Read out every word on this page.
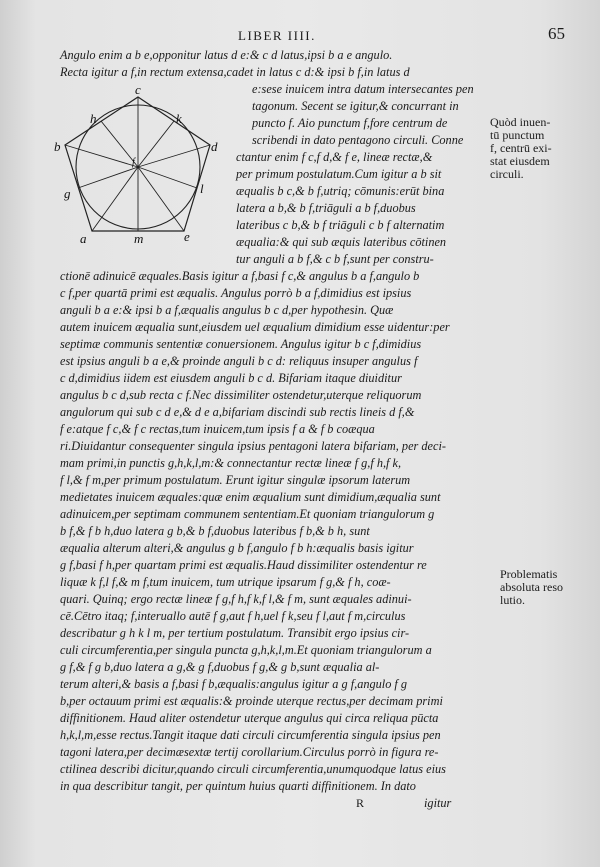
LIBER IIII.	65
c
h	k
b	d
f
g	l
a	m	e
Angulo enim a b e,opponitur latus d e:& c d latus,ipsi b a e angulo.
Recta igitur a f,in rectum extensa,cadet in latus c d:& ipsi b f,in latus d
e:sese inuicem intra datum intersecantes pen
tagonum. Secent se igitur,& concurrant in
puncto f. Aio punctum f,fore centrum de
scribendi in dato pentagono circuli. Conne
ctantur enim f c,f d,& f e, lineæ rectæ,&
per primum postulatum.Cum igitur a b sit
æqualis b c,& b f,utriq; cōmunis:erūt bina
latera a b,& b f,triāguli a b f,duobus
lateribus c b,& b f triāguli c b f alternatim
æqualia:& qui sub æquis lateribus cōtinen
tur anguli a b f,& c b f,sunt per constru-
ctionē adinuicē æquales.Basis igitur a f,basi f c,& angulus b a f,angulo b
c f,per quartā primi est æqualis. Angulus porrò b a f,dimidius est ipsius
anguli b a e:& ipsi b a f,æqualis angulus b c d,per hypothesin. Quæ
autem inuicem æqualia sunt,eiusdem uel æqualium dimidium esse uidentur:per
septimæ communis sententiæ conuersionem. Angulus igitur b c f,dimidius
est ipsius anguli b a e,& proinde anguli b c d: reliquus insuper angulus f
c d,dimidius iidem est eiusdem anguli b c d. Bifariam itaque diuiditur
angulus b c d,sub recta c f.Nec dissimiliter ostendetur,uterque reliquorum
angulorum qui sub c d e,& d e a,bifariam discindi sub rectis lineis d f,&
f e:atque f c,& f c rectas,tum inuicem,tum ipsis f a & f b coæqua
ri.Diuidantur consequenter singula ipsius pentagoni latera bifariam, per deci-
mam primi,in punctis g,h,k,l,m:& connectantur rectæ lineæ f g,f h,f k,
f l,& f m,per primum postulatum. Erunt igitur singulæ ipsorum laterum
medietates inuicem æquales:quæ enim æqualium sunt dimidium,æqualia sunt
adinuicem,per septimam communem sententiam.Et quoniam triangulorum g
b f,& f b h,duo latera g b,& b f,duobus lateribus f b,& b h, sunt
æqualia alterum alteri,& angulus g b f,angulo f b h:æqualis basis igitur
g f,basi f h,per quartam primi est æqualis.Haud dissimiliter ostendentur re
liquæ k f,l f,& m f,tum inuicem, tum utrique ipsarum f g,& f h, coæ-
quari. Quinq; ergo rectæ lineæ f g,f h,f k,f l,& f m, sunt æquales adinui-
cē.Cētro itaq; f,interuallo autē f g,aut f h,uel f k,seu f l,aut f m,circulus
describatur g h k l m, per tertium postulatum. Transibit ergo ipsius cir-
culi circumferentia,per singula puncta g,h,k,l,m.Et quoniam triangulorum a
g f,& f g b,duo latera a g,& g f,duobus f g,& g b,sunt æqualia al-
terum alteri,& basis a f,basi f b,æqualis:angulus igitur a g f,angulo f g
b,per octauum primi est æqualis:& proinde uterque rectus,per decimam primi
diffinitionem. Haud aliter ostendetur uterque angulus qui circa reliqua pūcta
h,k,l,m,esse rectus.Tangit itaque dati circuli circumferentia singula ipsius pen
tagoni latera,per decimæsextæ tertij corollarium.Circulus porrò in figura re-
ctilinea describi dicitur,quando circuli circumferentia,unumquodque latus eius
in qua describitur tangit, per quintum huius quarti diffinitionem. In dato
Quòd inuen-
tū punctum
f, centrū exi-
stat eiusdem
circuli.
Problematis
absoluta reso
lutio.
R	igitur
